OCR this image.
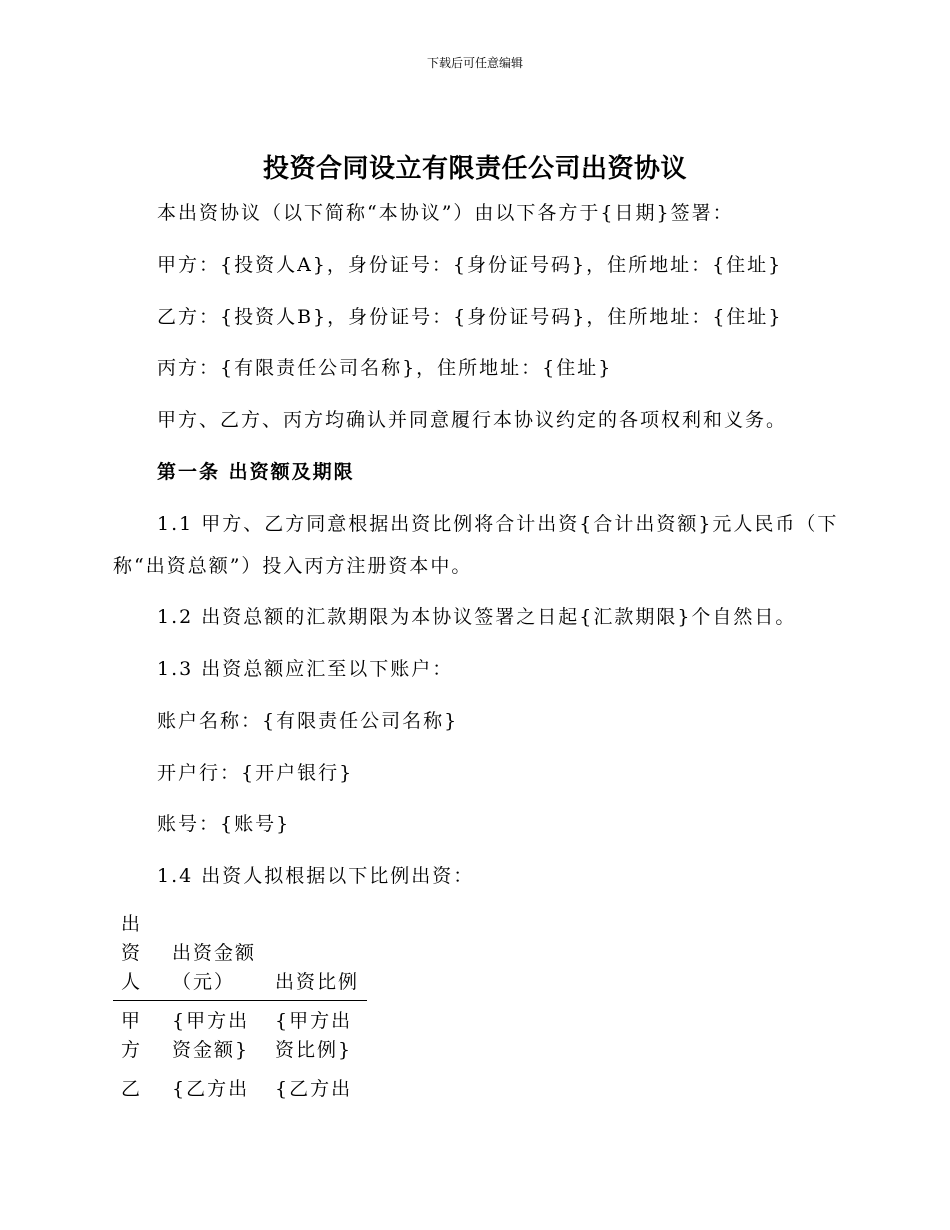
下载后可任意编辑
投资合同设立有限责任公司出资协议
本出资协议（以下简称“本协议”）由以下各方于{日期}签署：
甲方：{投资人A}，身份证号：{身份证号码}，住所地址：{住址}
乙方：{投资人B}，身份证号：{身份证号码}，住所地址：{住址}
丙方：{有限责任公司名称}，住所地址：{住址}
甲方、乙方、丙方均确认并同意履行本协议约定的各项权利和义务。
第一条 出资额及期限
1.1 甲方、乙方同意根据出资比例将合计出资{合计出资额}元人民币（下
称“出资总额”）投入丙方注册资本中。
1.2 出资总额的汇款期限为本协议签署之日起{汇款期限}个自然日。
1.3 出资总额应汇至以下账户：
账户名称：{有限责任公司名称}
开户行：{开户银行}
账号：{账号}
1.4 出资人拟根据以下比例出资：
出资人	出资金额（元）	出资比例
甲方	{甲方出资金额}	{甲方出资比例}
乙	{乙方出	{乙方出
